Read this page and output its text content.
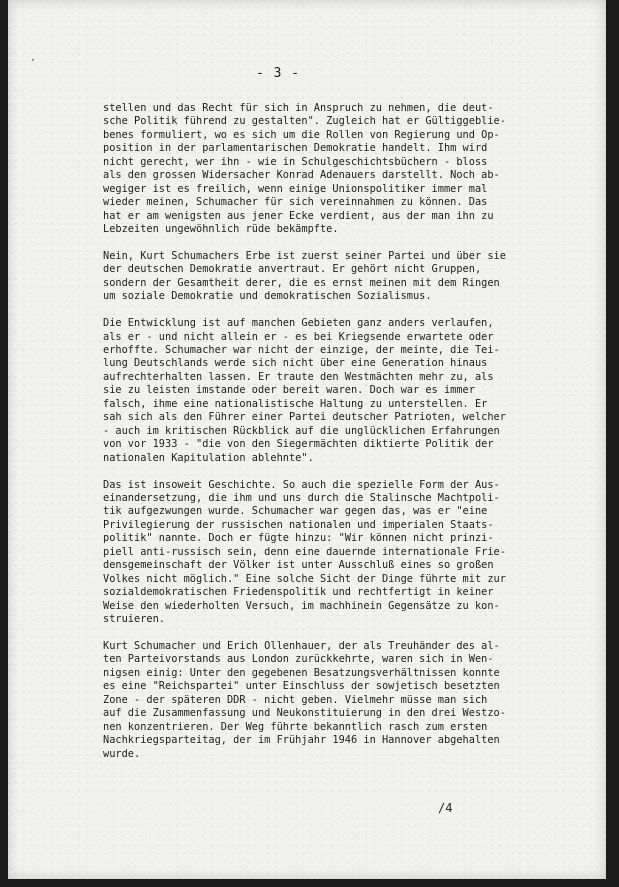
·
- 3 -
stellen und das Recht für sich in Anspruch zu nehmen, die deut-
sche Politik führend zu gestalten". Zugleich hat er Gültiggeblie-
benes formuliert, wo es sich um die Rollen von Regierung und Op-
position in der parlamentarischen Demokratie handelt. Ihm wird
nicht gerecht, wer ihn - wie in Schulgeschichtsbüchern - bloss
als den grossen Widersacher Konrad Adenauers darstellt. Noch ab-
wegiger ist es freilich, wenn einige Unionspolitiker immer mal
wieder meinen, Schumacher für sich vereinnahmen zu können. Das
hat er am wenigsten aus jener Ecke verdient, aus der man ihn zu
Lebzeiten ungewöhnlich rüde bekämpfte.
Nein, Kurt Schumachers Erbe ist zuerst seiner Partei und über sie
der deutschen Demokratie anvertraut. Er gehört nicht Gruppen,
sondern der Gesamtheit derer, die es ernst meinen mit dem Ringen
um soziale Demokratie und demokratischen Sozialismus.
Die Entwicklung ist auf manchen Gebieten ganz anders verlaufen,
als er - und nicht allein er - es bei Kriegsende erwartete oder
erhoffte. Schumacher war nicht der einzige, der meinte, die Tei-
lung Deutschlands werde sich nicht über eine Generation hinaus
aufrechterhalten lassen. Er traute den Westmächten mehr zu, als
sie zu leisten imstande oder bereit waren. Doch war es immer
falsch, ihme eine nationalistische Haltung zu unterstellen. Er
sah sich als den Führer einer Partei deutscher Patrioten, welcher
- auch im kritischen Rückblick auf die unglücklichen Erfahrungen
von vor 1933 - "die von den Siegermächten diktierte Politik der
nationalen Kapitulation ablehnte".
Das ist insoweit Geschichte. So auch die spezielle Form der Aus-
einandersetzung, die ihm und uns durch die Stalinsche Machtpoli-
tik aufgezwungen wurde. Schumacher war gegen das, was er "eine
Privilegierung der russischen nationalen und imperialen Staats-
politik" nannte. Doch er fügte hinzu: "Wir können nicht prinzi-
piell anti-russisch sein, denn eine dauernde internationale Frie-
densgemeinschaft der Völker ist unter Ausschluß eines so großen
Volkes nicht möglich." Eine solche Sicht der Dinge führte mit zur
sozialdemokratischen Friedenspolitik und rechtfertigt in keiner
Weise den wiederholten Versuch, im machhinein Gegensätze zu kon-
struieren.
Kurt Schumacher und Erich Ollenhauer, der als Treuhänder des al-
ten Parteivorstands aus London zurückkehrte, waren sich in Wen-
nigsen einig: Unter den gegebenen Besatzungsverhältnissen konnte
es eine "Reichspartei" unter Einschluss der sowjetisch besetzten
Zone - der späteren DDR - nicht geben. Vielmehr müsse man sich
auf die Zusammenfassung und Neukonstituierung in den drei Westzo-
nen konzentrieren. Der Weg führte bekanntlich rasch zum ersten
Nachkriegsparteitag, der im Frühjahr 1946 in Hannover abgehalten
wurde.
/4
